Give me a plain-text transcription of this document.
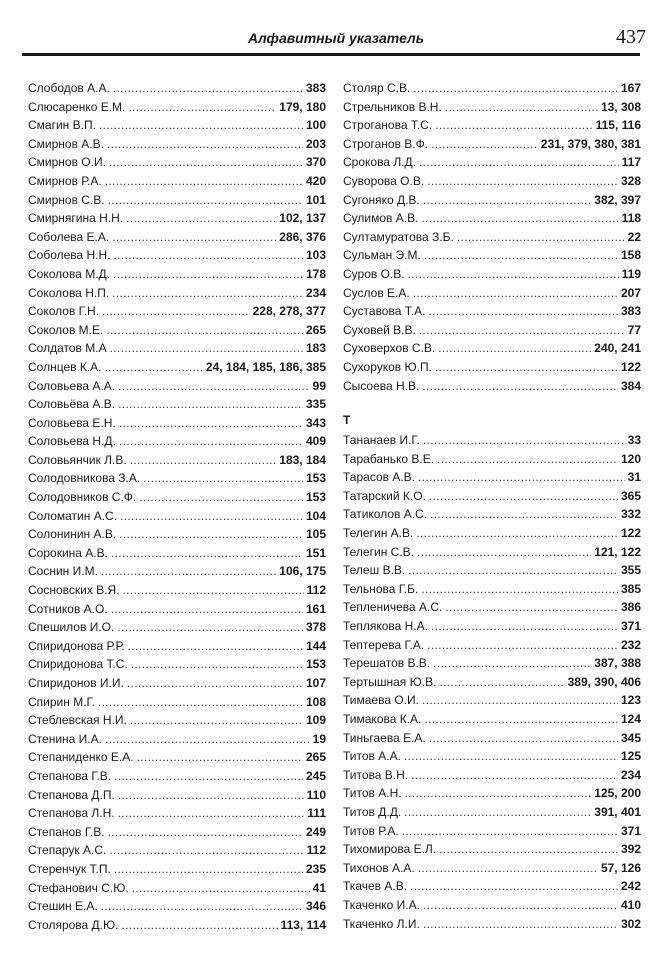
Алфавитный указатель	437
Слободов А.А. . . .	383
Слюсаренко Е.М. . . .	179, 180
Смагин В.П. . . .	100
Смирнов А.В. . . .	203
Смирнов О.И. . . .	370
Смирнов Р.А. . . .	420
Смирнов С.В. . . .	101
Смирнягина Н.Н. . . .	102, 137
Соболева Е.А. . . .	286, 376
Соболева Н.Н. . . .	103
Соколова М.Д. . . .	178
Соколова Н.П. . . .	234
Соколов Г.Н. . . .	228, 278, 377
Соколов М.Е. . . .	265
Солдатов М.А . . .	183
Солнцев К.А. . . .	24, 184, 185, 186, 385
Соловьева А.А. . . .	99
Соловьёва А.В. . . .	335
Соловьева Е.Н. . . .	343
Соловьева Н.Д. . . .	409
Соловьянчик Л.В. . . .	183, 184
Солодовникова З.А. . . .	153
Солодовников С.Ф. . . .	153
Соломатин А.С. . . .	104
Солонинин А.В. . . .	105
Сорокина А.В. . . .	151
Соснин И.М. . . .	106, 175
Сосновских В.Я. . . .	112
Сотников А.О. . . .	161
Спешилов И.О. . . .	378
Спиридонова Р.Р. . . .	144
Спиридонова Т.С. . . .	153
Спиридонов И.И. . . .	107
Спирин М.Г. . . .	108
Стеблевская Н.И. . . .	109
Стенина И.А. . . .	19
Степаниденко Е.А. . . .	265
Степанова Г.В. . . .	245
Степанова Д.П. . . .	110
Степанова Л.Н. . . .	111
Степанов Г.В. . . .	249
Степарук А.С. . . .	112
Стеренчук Т.П. . . .	235
Стефанович С.Ю. . . .	41
Стешин Е.А. . . .	346
Столярова Д.Ю. . . .	113, 114
Столяр С.В. . . .	167
Стрельников В.Н. . . .	13, 308
Строганова Т.С. . . .	115, 116
Строганов В.Ф. . . .	231, 379, 380, 381
Срокова Л.Д. . . .	117
Суворова О.В. . . .	328
Сугоняко Д.В. . . .	382, 397
Сулимов А.В. . . .	118
Султамуратова З.Б. . . .	22
Сульман Э.М. . . .	158
Суров О.В. . . .	119
Суслов Е.А. . . .	207
Суставова Т.А. . . .	383
Суховей В.В. . . .	77
Суховерхов С.В. . . .	240, 241
Сухоруков Ю.П. . . .	122
Сысоева Н.В. . . .	384
Т
Тананаев И.Г. . . .	33
Тарабанько В.Е. . . .	120
Тарасов А.В. . . .	31
Татарский К.О. . . .	365
Татиколов А.С. . . .	332
Телегин А.В. . . .	122
Телегин С.В. . . .	121, 122
Телеш В.В. . . .	355
Тельнова Г.Б. . . .	385
Тепленичева А.С. . . .	386
Теплякова Н.А. . . .	371
Тептерева Г.А. . . .	232
Терешатов В.В. . . .	387, 388
Тертышная Ю.В. . . .	389, 390, 406
Тимаева О.И. . . .	123
Тимакова К.А. . . .	124
Тиньгаева Е.А. . . .	345
Титов А.А. . . .	125
Титова В.Н. . . .	234
Титов А.Н. . . .	125, 200
Титов Д.Д. . . .	391, 401
Титов Р.А. . . .	371
Тихомирова Е.Л. . . .	392
Тихонов А.А. . . .	57, 126
Ткачев А.В. . . .	242
Ткаченко И.А. . . .	410
Ткаченко Л.И. . . .	302
